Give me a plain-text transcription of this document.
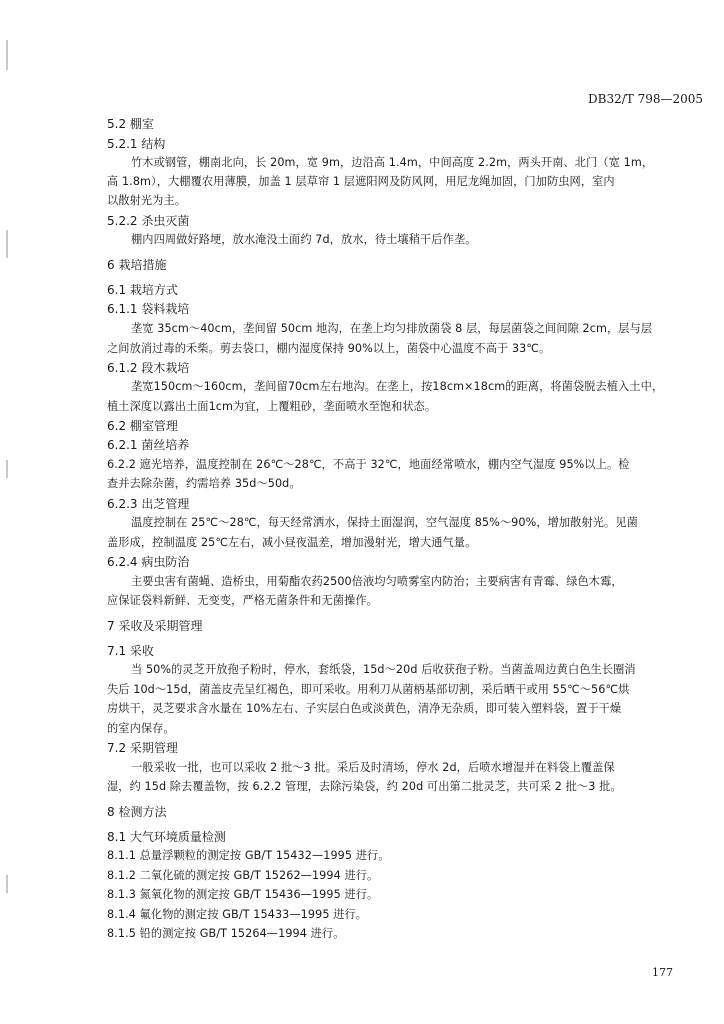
DB32/T 798—2005
5.2 棚室
5.2.1 结构
竹木或钢管，棚南北向，长 20m，宽 9m，边沿高 1.4m，中间高度 2.2m，两头开南、北门（宽 1m，
高 1.8m），大棚覆农用薄膜，加盖 1 层草帘 1 层遮阳网及防风网，用尼龙绳加固，门加防虫网，室内
以散射光为主。
5.2.2 杀虫灭菌
棚内四周做好路埂，放水淹没土面约 7d，放水，待土壤稍干后作垄。
6 栽培措施
6.1 栽培方式
6.1.1 袋料栽培
垄宽 35cm～40cm，垄间留 50cm 地沟，在垄上均匀排放菌袋 8 层，每层菌袋之间间隙 2cm，层与层
之间放消过毒的禾柴。剪去袋口，棚内湿度保持 90%以上，菌袋中心温度不高于 33℃。
6.1.2 段木栽培
垄宽150cm～160cm，垄间留70cm左右地沟。在垄上，按18cm×18cm的距离，将菌袋脱去植入土中，
植土深度以露出土面1cm为宜，上覆粗砂，垄面喷水至饱和状态。
6.2 棚室管理
6.2.1 菌丝培养
6.2.2 遮光培养，温度控制在 26℃～28℃，不高于 32℃，地面经常喷水，棚内空气湿度 95%以上。检
查并去除杂菌，约需培养 35d～50d。
6.2.3 出芝管理
温度控制在 25℃～28℃，每天经常洒水，保持土面湿润，空气湿度 85%～90%，增加散射光。见菌
盖形成，控制温度 25℃左右，减小昼夜温差，增加漫射光，增大通气量。
6.2.4 病虫防治
主要虫害有菌蝇、造桥虫，用菊酯农药2500倍液均匀喷雾室内防治；主要病害有青霉、绿色木霉，
应保证袋料新鲜、无变变，严格无菌条件和无菌操作。
7 采收及采期管理
7.1 采收
当 50%的灵芝开放孢子粉时，停水，套纸袋，15d～20d 后收获孢子粉。当菌盖周边黄白色生长圈消
失后 10d～15d，菌盖皮壳呈红褐色，即可采收。用利刀从菌柄基部切割，采后晒干或用 55℃～56℃烘
房烘干，灵芝要求含水量在 10%左右、子实层白色或淡黄色，清净无杂质，即可装入塑料袋，置于干燥
的室内保存。
7.2 采期管理
一般采收一批，也可以采收 2 批～3 批。采后及时清场，停水 2d，后喷水增湿并在料袋上覆盖保
湿，约 15d 除去覆盖物，按 6.2.2 管理，去除污染袋，约 20d 可出第二批灵芝，共可采 2 批～3 批。
8 检测方法
8.1 大气环境质量检测
8.1.1 总量浮颗粒的测定按 GB/T 15432—1995 进行。
8.1.2 二氧化硫的测定按 GB/T 15262—1994 进行。
8.1.3 氮氧化物的测定按 GB/T 15436—1995 进行。
8.1.4 氟化物的测定按 GB/T 15433—1995 进行。
8.1.5 铅的测定按 GB/T 15264—1994 进行。
177
